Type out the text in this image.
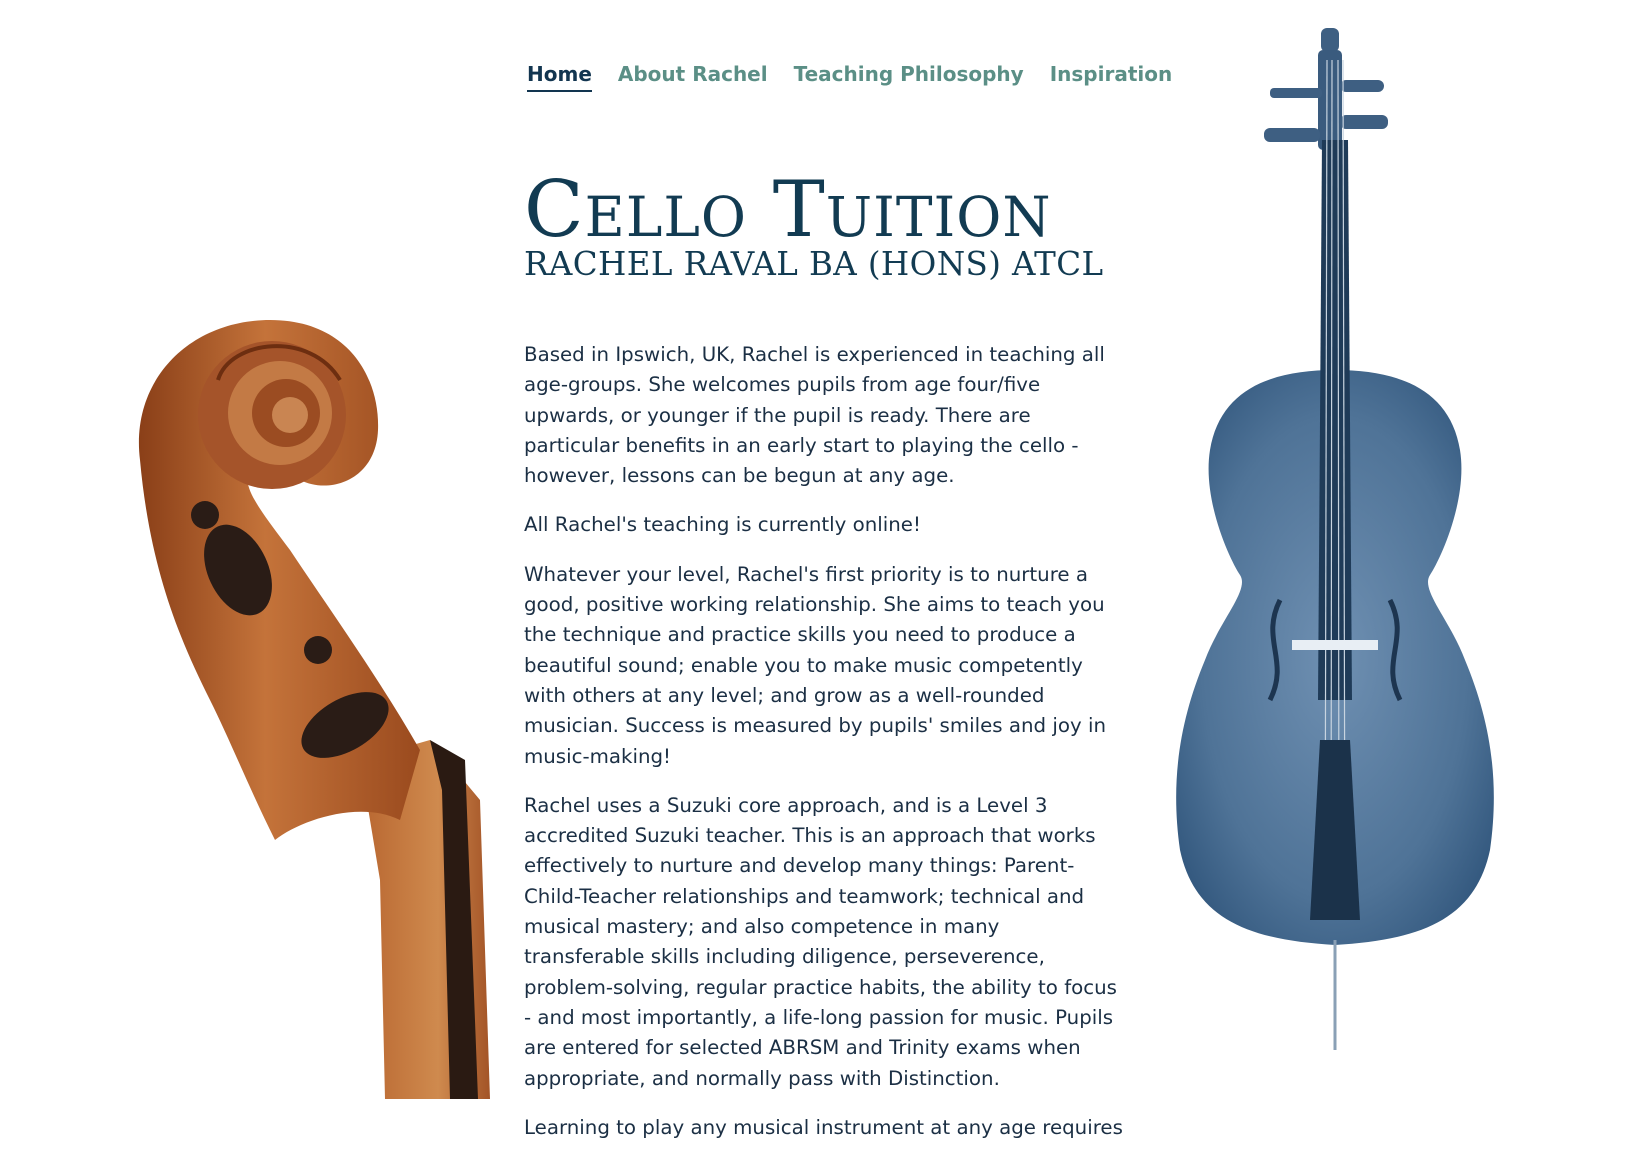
Home About Rachel Teaching Philosophy Inspiration
Cello Tuition
RACHEL RAVAL BA (HONS) ATCL

Based in Ipswich, UK, Rachel is experienced in teaching all age-groups. She welcomes pupils from age four/five upwards, or younger if the pupil is ready. There are particular benefits in an early start to playing the cello - however, lessons can be begun at any age.

All Rachel's teaching is currently online!

Whatever your level, Rachel's first priority is to nurture a good, positive working relationship. She aims to teach you the technique and practice skills you need to produce a beautiful sound; enable you to make music competently with others at any level; and grow as a well-rounded musician. Success is measured by pupils' smiles and joy in music-making!

Rachel uses a Suzuki core approach, and is a Level 3 accredited Suzuki teacher. This is an approach that works effectively to nurture and develop many things: Parent-Child-Teacher relationships and teamwork; technical and musical mastery; and also competence in many transferable skills including diligence, perseverence, problem-solving, regular practice habits, the ability to focus - and most importantly, a life-long passion for music. Pupils are entered for selected ABRSM and Trinity exams when appropriate, and normally pass with Distinction.

Learning to play any musical instrument at any age requires
